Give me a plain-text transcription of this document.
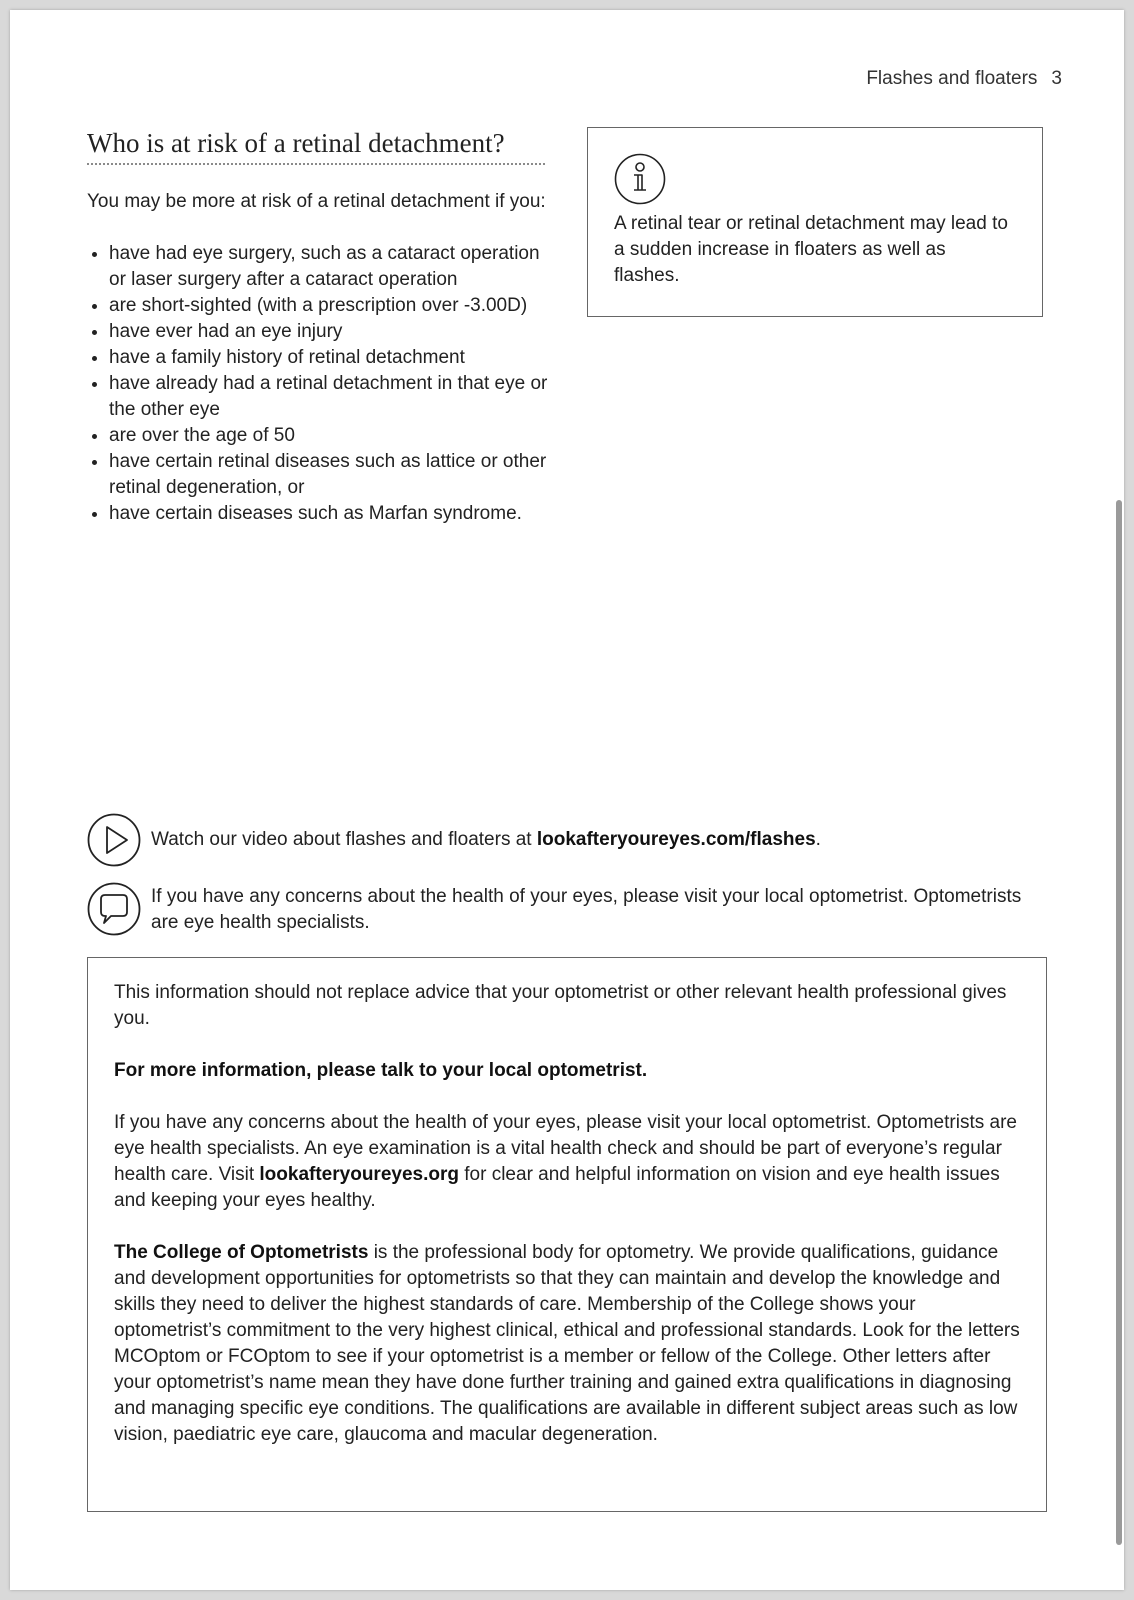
Flashes and floaters 3
Who is at risk of a retinal detachment?
You may be more at risk of a retinal detachment if you:
• have had eye surgery, such as a cataract operation or laser surgery after a cataract operation
• are short-sighted (with a prescription over -3.00D)
• have ever had an eye injury
• have a family history of retinal detachment
• have already had a retinal detachment in that eye or the other eye
• are over the age of 50
• have certain retinal diseases such as lattice or other retinal degeneration, or
• have certain diseases such as Marfan syndrome.
A retinal tear or retinal detachment may lead to a sudden increase in floaters as well as flashes.
Watch our video about flashes and floaters at lookafteryoureyes.com/flashes.
If you have any concerns about the health of your eyes, please visit your local optometrist. Optometrists are eye health specialists.

This information should not replace advice that your optometrist or other relevant health professional gives you.

For more information, please talk to your local optometrist.

If you have any concerns about the health of your eyes, please visit your local optometrist. Optometrists are eye health specialists. An eye examination is a vital health check and should be part of everyone’s regular health care. Visit lookafteryoureyes.org for clear and helpful information on vision and eye health issues and keeping your eyes healthy.

The College of Optometrists is the professional body for optometry. We provide qualifications, guidance and development opportunities for optometrists so that they can maintain and develop the knowledge and skills they need to deliver the highest standards of care. Membership of the College shows your optometrist’s commitment to the very highest clinical, ethical and professional standards. Look for the letters MCOptom or FCOptom to see if your optometrist is a member or fellow of the College. Other letters after your optometrist’s name mean they have done further training and gained extra qualifications in diagnosing and managing specific eye conditions. The qualifications are available in different subject areas such as low vision, paediatric eye care, glaucoma and macular degeneration.
